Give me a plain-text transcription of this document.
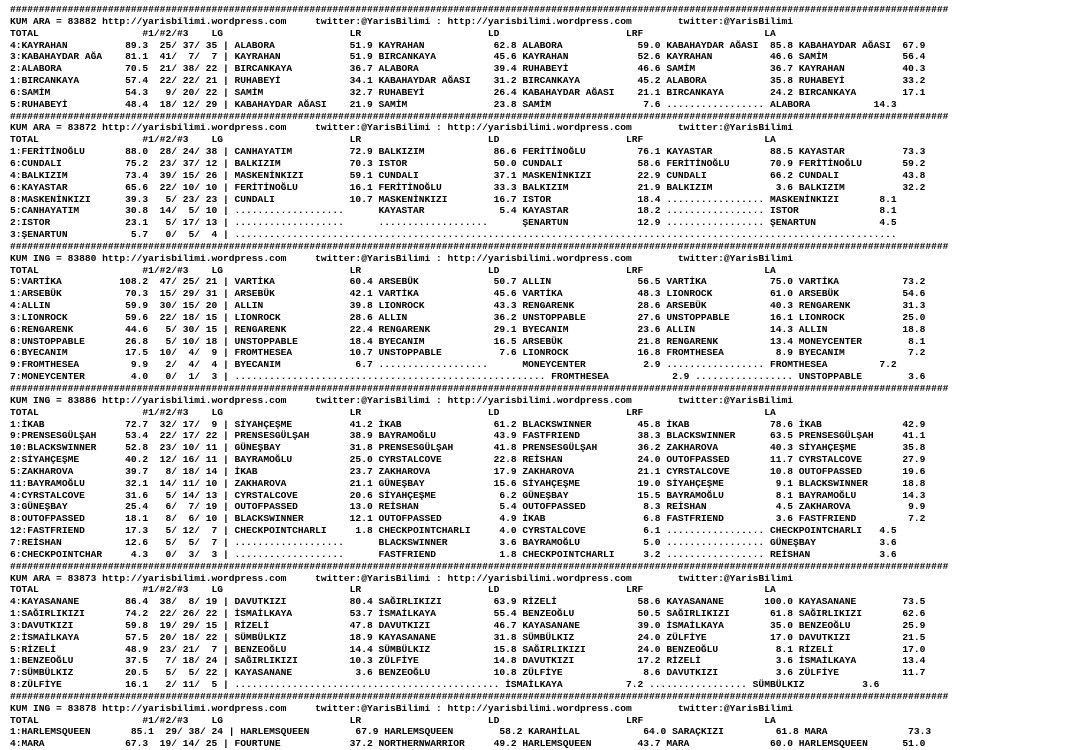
###################################################################################################################################################################
KUM ARA = 83882 http://yarisbilimi.wordpress.com     twitter:@YarisBilimi : http://yarisbilimi.wordpress.com        twitter:@YarisBilimi
TOTAL                  #1/#2/#3    LG                      LR                      LD                      LRF                     LA
4:KAYRAHAN          89.3  25/ 37/ 35 | ALABORA             51.9 KAYRAHAN            62.8 ALABORA             59.0 KABAHAYDAR AĞASI  85.8 KABAHAYDAR AĞASI  67.9
3:KABAHAYDAR AĞA    81.1  41/  7/  7 | KAYRAHAN            51.9 BIRCANKAYA          45.6 KAYRAHAN            52.6 KAYRAHAN          46.6 SAMİM             56.4
2:ALABORA           70.5  21/ 38/ 22 | BIRCANKAYA          36.7 ALABORA             39.4 RUHABEYİ            46.6 SAMİM             36.7 KAYRAHAN          40.3
1:BIRCANKAYA        57.4  22/ 22/ 21 | RUHABEYİ            34.1 KABAHAYDAR AĞASI    31.2 BIRCANKAYA          45.2 ALABORA           35.8 RUHABEYİ          33.2
6:SAMİM             54.3   9/ 20/ 22 | SAMİM               32.7 RUHABEYİ            26.4 KABAHAYDAR AĞASI    21.1 BIRCANKAYA        24.2 BIRCANKAYA        17.1
5:RUHABEYİ          48.4  18/ 12/ 29 | KABAHAYDAR AĞASI    21.9 SAMİM               23.8 SAMİM                7.6 ................. ALABORA           14.3
###################################################################################################################################################################
KUM ARA = 83872 http://yarisbilimi.wordpress.com     twitter:@YarisBilimi : http://yarisbilimi.wordpress.com        twitter:@YarisBilimi
TOTAL                  #1/#2/#3    LG                      LR                      LD                      LRF                     LA
1:FERİTİNOĞLU       88.0  28/ 24/ 38 | CANHAYATIM          72.9 BALKIZIM            86.6 FERİTİNOĞLU         76.1 KAYASTAR          88.5 KAYASTAR          73.3
6:CUNDALI           75.2  23/ 37/ 12 | BALKIZIM            70.3 ISTOR               50.0 CUNDALI             58.6 FERİTİNOĞLU       70.9 FERİTİNOĞLU       59.2
4:BALKIZIM          73.4  39/ 15/ 26 | MASKENİNKIZI        59.1 CUNDALI             37.1 MASKENİNKIZI        22.9 CUNDALI           66.2 CUNDALI           43.8
6:KAYASTAR          65.6  22/ 10/ 10 | FERİTİNOĞLU         16.1 FERİTİNOĞLU         33.3 BALKIZIM            21.9 BALKIZIM           3.6 BALKIZIM          32.2
8:MASKENİNKIZI      39.3   5/ 23/ 23 | CUNDALI             10.7 MASKENİNKIZI        16.7 ISTOR               18.4 ................. MASKENİNKIZI       8.1
5:CANHAYATIM        30.8  14/  5/ 10 | ...................      KAYASTAR             5.4 KAYASTAR            18.2 ................. ISTOR              8.1
2:ISTOR             23.1   5/ 17/ 13 | ...................      ...................      ŞENARTUN            12.9 ................. ŞENARTUN           4.5
3:ŞENARTUN           5.7   0/  5/  4 | ...................................................................................................................
###################################################################################################################################################################
KUM ING = 83880 http://yarisbilimi.wordpress.com     twitter:@YarisBilimi : http://yarisbilimi.wordpress.com        twitter:@YarisBilimi
TOTAL                  #1/#2/#3    LG                      LR                      LD                      LRF                     LA
5:VARTİKA          108.2  47/ 25/ 21 | VARTİKA             60.4 ARSEBÜK             50.7 ALLIN               56.5 VARTİKA           75.0 VARTİKA           73.2
1:ARSEBÜK           70.3  15/ 29/ 31 | ARSEBÜK             42.1 VARTİKA             45.6 VARTİKA             48.3 LIONROCK          61.0 ARSEBÜK           54.6
4:ALLIN             59.9  30/ 15/ 20 | ALLIN               39.8 LIONROCK            43.3 RENGARENK           28.6 ARSEBÜK           40.3 RENGARENK         31.3
3:LIONROCK          59.6  22/ 18/ 15 | LIONROCK            28.6 ALLIN               36.2 UNSTOPPABLE         27.6 UNSTOPPABLE       16.1 LIONROCK          25.0
6:RENGARENK         44.6   5/ 30/ 15 | RENGARENK           22.4 RENGARENK           29.1 BYECANIM            23.6 ALLIN             14.3 ALLIN             18.8
8:UNSTOPPABLE       26.8   5/ 10/ 18 | UNSTOPPABLE         18.4 BYECANIM            16.5 ARSEBÜK             21.8 RENGARENK         13.4 MONEYCENTER        8.1
6:BYECANIM          17.5  10/  4/  9 | FROMTHESEA          10.7 UNSTOPPABLE          7.6 LIONROCK            16.8 FROMTHESEA         8.9 BYECANIM           7.2
9:FROMTHESEA         9.9   2/  4/  4 | BYECANIM             6.7 ...................      MONEYCENTER          2.9 ................. FROMTHESEA         7.2
7:MONEYCENTER        4.0   0/  1/  3 | ...................................................... FROMTHESEA           2.9 ................. UNSTOPPABLE        3.6
###################################################################################################################################################################
KUM ING = 83886 http://yarisbilimi.wordpress.com     twitter:@YarisBilimi : http://yarisbilimi.wordpress.com        twitter:@YarisBilimi
TOTAL                  #1/#2/#3    LG                      LR                      LD                      LRF                     LA
1:İKAB              72.7  32/ 17/  9 | SİYAHÇEŞME          41.2 İKAB                61.2 BLACKSWINNER        45.8 İKAB              78.6 İKAB              42.9
9:PRENSESGÜLŞAH     53.4  22/ 17/ 22 | PRENSESGÜLŞAH       38.9 BAYRAMOĞLU          43.9 FASTFRIEND          38.3 BLACKSWINNER      63.5 PRENSESGÜLŞAH     41.1
10:BLACKSWINNER     52.8  23/ 10/ 11 | GÜNEŞBAY            31.8 PRENSESGÜLŞAH       41.8 PRENSESGÜLŞAH       36.2 ZAKHAROVA         40.3 SİYAHÇEŞME        35.8
2:SİYAHÇEŞME        40.2  12/ 16/ 11 | BAYRAMOĞLU          25.0 CYRSTALCOVE         22.8 REİSHAN             24.0 OUTOFPASSED       11.7 CYRSTALCOVE       27.9
5:ZAKHAROVA         39.7   8/ 18/ 14 | İKAB                23.7 ZAKHAROVA           17.9 ZAKHAROVA           21.1 CYRSTALCOVE       10.8 OUTOFPASSED       19.6
11:BAYRAMOĞLU       32.1  14/ 11/ 10 | ZAKHAROVA           21.1 GÜNEŞBAY            15.6 SİYAHÇEŞME          19.0 SİYAHÇEŞME         9.1 BLACKSWINNER      18.8
4:CYRSTALCOVE       31.6   5/ 14/ 13 | CYRSTALCOVE         20.6 SİYAHÇEŞME           6.2 GÜNEŞBAY            15.5 BAYRAMOĞLU         8.1 BAYRAMOĞLU        14.3
3:GÜNEŞBAY          25.4   6/  7/ 19 | OUTOFPASSED         13.0 REİSHAN              5.4 OUTOFPASSED          8.3 REİSHAN            4.5 ZAKHAROVA          9.9
8:OUTOFPASSED       18.1   8/  6/ 10 | BLACKSWINNER        12.1 OUTOFPASSED          4.9 İKAB                 6.8 FASTFRIEND         3.6 FASTFRIEND         7.2
12:FASTFRIEND       17.3   5/ 12/  7 | CHECKPOINTCHARLI     1.8 CHECKPOINTCHARLI     4.0 CYRSTALCOVE          6.1 ................. CHECKPOINTCHARLI   4.5
7:REİSHAN           12.6   5/  5/  7 | ...................      BLACKSWINNER         3.6 BAYRAMOĞLU           5.0 ................. GÜNEŞBAY           3.6
6:CHECKPOINTCHAR     4.3   0/  3/  3 | ...................      FASTFRIEND           1.8 CHECKPOINTCHARLI     3.2 ................. REİSHAN            3.6
###################################################################################################################################################################
KUM ARA = 83873 http://yarisbilimi.wordpress.com     twitter:@YarisBilimi : http://yarisbilimi.wordpress.com        twitter:@YarisBilimi
TOTAL                  #1/#2/#3    LG                      LR                      LD                      LRF                     LA
4:KAYASANANE        86.4  38/  8/ 19 | DAVUTKIZI           80.4 SAĞIRLIKIZI         63.9 RİZELİ              58.6 KAYASANANE       100.0 KAYASANANE        73.5
1:SAĞIRLIKIZI       74.2  22/ 26/ 22 | İSMAİLKAYA          53.7 İSMAİLKAYA          55.4 BENZEOĞLU           50.5 SAĞIRLIKIZI       61.8 SAĞIRLIKIZI       62.6
3:DAVUTKIZI         59.8  19/ 29/ 15 | RİZELİ              47.8 DAVUTKIZI           46.7 KAYASANANE          39.0 İSMAİLKAYA        35.0 BENZEOĞLU         25.9
2:İSMAİLKAYA        57.5  20/ 18/ 22 | SÜMBÜLKIZ           18.9 KAYASANANE          31.8 SÜMBÜLKIZ           24.0 ZÜLFİYE           17.0 DAVUTKIZI         21.5
5:RİZELİ            48.9  23/ 21/  7 | BENZEOĞLU           14.4 SÜMBÜLKIZ           15.8 SAĞIRLIKIZI         24.0 BENZEOĞLU          8.1 RİZELİ            17.0
1:BENZEOĞLU         37.5   7/ 18/ 24 | SAĞIRLIKIZI         10.3 ZÜLFİYE             14.8 DAVUTKIZI           17.2 RİZELİ             3.6 İSMAİLKAYA        13.4
7:SÜMBÜLKIZ         20.5   5/  5/ 22 | KAYASANANE           3.6 BENZEOĞLU           10.8 ZÜLFİYE              8.6 DAVUTKIZI          3.6 ZÜLFİYE           11.7
8:ZÜLFİYE           16.1   2/ 11/  5 | .............................................. İSMAİLKAYA           7.2 ................. SÜMBÜLKIZ          3.6
###################################################################################################################################################################
KUM ING = 83878 http://yarisbilimi.wordpress.com     twitter:@YarisBilimi : http://yarisbilimi.wordpress.com        twitter:@YarisBilimi
TOTAL                  #1/#2/#3    LG                      LR                      LD                      LRF                     LA
1:HARLEMSQUEEN       85.1  29/ 38/ 24 | HARLEMSQUEEN        67.9 HARLEMSQUEEN        58.2 KARAHİLAL           64.0 SARAÇKIZI         61.8 MARA              73.3
4:MARA              67.3  19/ 14/ 25 | FOURTUNE            37.2 NORTHERNWARRIOR     49.2 HARLEMSQUEEN        43.7 MARA              60.0 HARLEMSQUEEN      51.0
